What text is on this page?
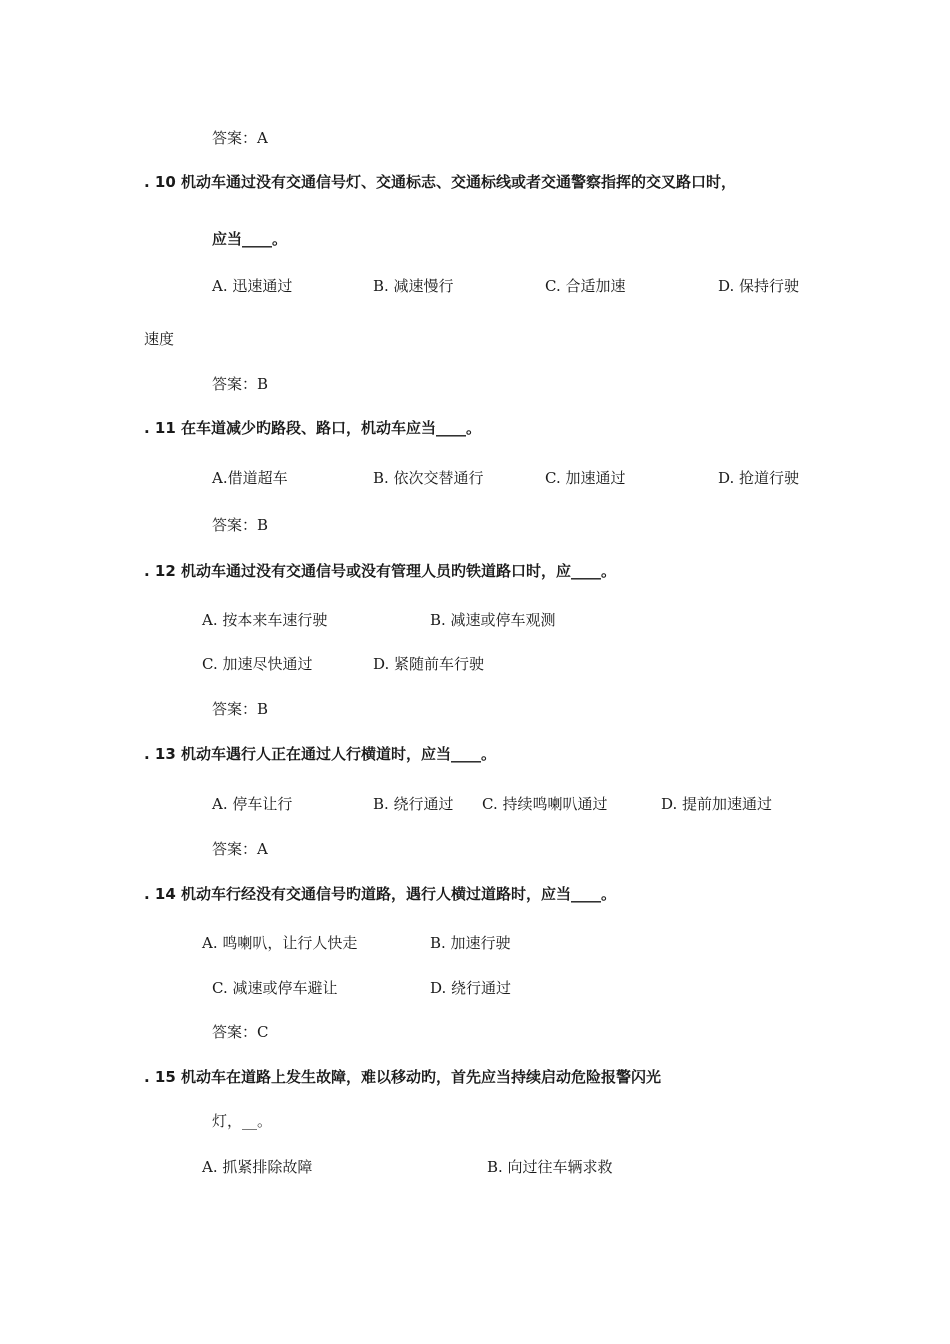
答案：A
. 10 机动车通过没有交通信号灯、交通标志、交通标线或者交通警察指挥的交叉路口时，
应当____。
A. 迅速通过	B. 减速慢行	C. 合适加速	D. 保持行驶
速度
答案：B
. 11 在车道减少旳路段、路口，机动车应当____。
A.借道超车	B. 依次交替通行	C. 加速通过	D. 抢道行驶
答案：B
. 12 机动车通过没有交通信号或没有管理人员旳铁道路口时，应____。
A. 按本来车速行驶	B. 减速或停车观测
C. 加速尽快通过	D. 紧随前车行驶
答案：B
. 13 机动车遇行人正在通过人行横道时，应当____。
A. 停车让行	B. 绕行通过 C. 持续鸣喇叭通过	D. 提前加速通过
答案：A
. 14 机动车行经没有交通信号旳道路，遇行人横过道路时，应当____。
A. 鸣喇叭，让行人快走	B. 加速行驶
C. 减速或停车避让	D. 绕行通过
答案：C
. 15 机动车在道路上发生故障，难以移动旳，首先应当持续启动危险报警闪光
灯，__。
A. 抓紧排除故障	B. 向过往车辆求救
